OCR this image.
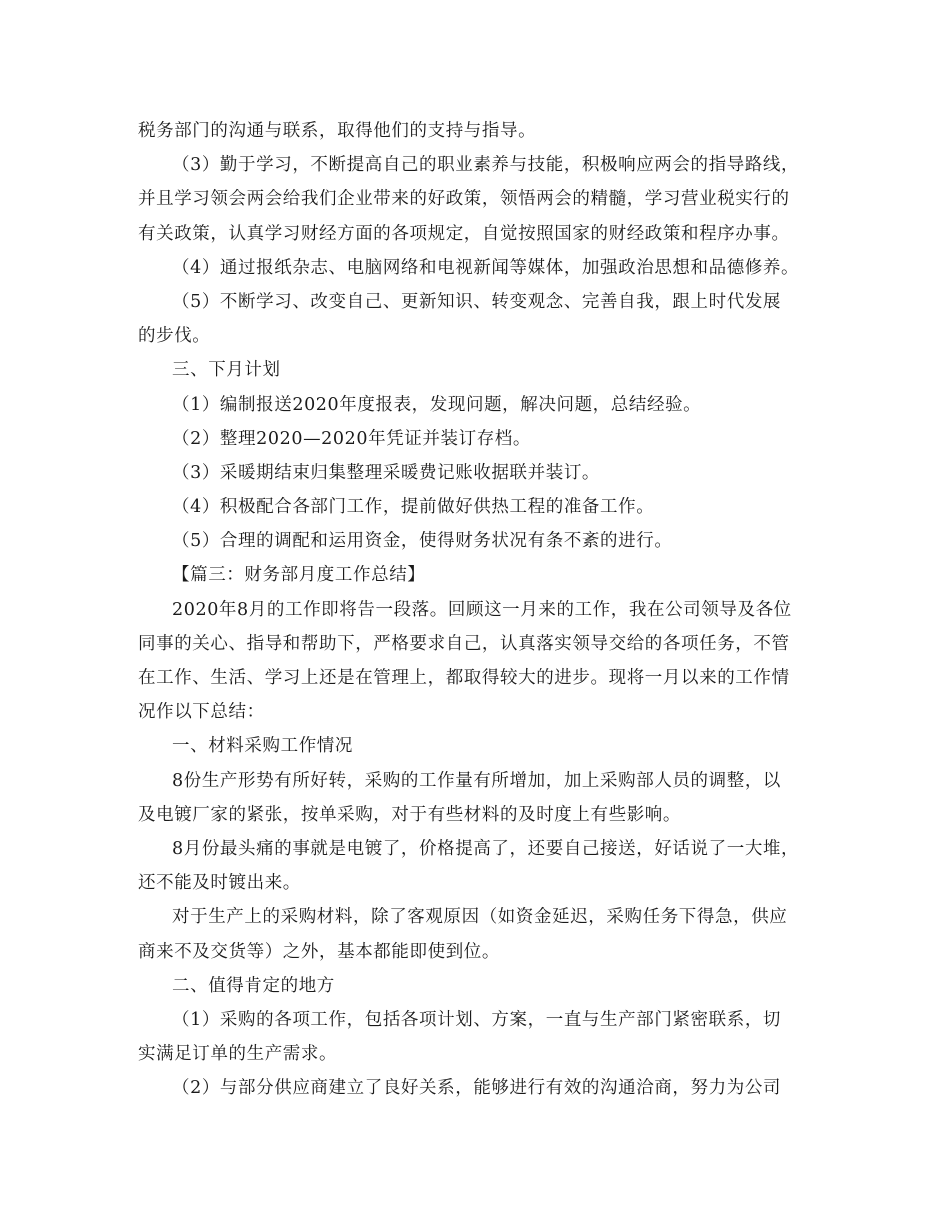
税务部门的沟通与联系，取得他们的支持与指导。
（3）勤于学习，不断提高自己的职业素养与技能，积极响应两会的指导路线，
并且学习领会两会给我们企业带来的好政策，领悟两会的精髓，学习营业税实行的
有关政策，认真学习财经方面的各项规定，自觉按照国家的财经政策和程序办事。
（4）通过报纸杂志、电脑网络和电视新闻等媒体，加强政治思想和品德修养。
（5）不断学习、改变自己、更新知识、转变观念、完善自我，跟上时代发展
的步伐。
三、下月计划
（1）编制报送2020年度报表，发现问题，解决问题，总结经验。
（2）整理2020—2020年凭证并装订存档。
（3）采暖期结束归集整理采暖费记账收据联并装订。
（4）积极配合各部门工作，提前做好供热工程的准备工作。
（5）合理的调配和运用资金，使得财务状况有条不紊的进行。
【篇三：财务部月度工作总结】
2020年8月的工作即将告一段落。回顾这一月来的工作，我在公司领导及各位
同事的关心、指导和帮助下，严格要求自己，认真落实领导交给的各项任务，不管
在工作、生活、学习上还是在管理上，都取得较大的进步。现将一月以来的工作情
况作以下总结：
一、材料采购工作情况
8份生产形势有所好转，采购的工作量有所增加，加上采购部人员的调整，以
及电镀厂家的紧张，按单采购，对于有些材料的及时度上有些影响。
8月份最头痛的事就是电镀了，价格提高了，还要自己接送，好话说了一大堆，
还不能及时镀出来。
对于生产上的采购材料，除了客观原因（如资金延迟，采购任务下得急，供应
商来不及交货等）之外，基本都能即使到位。
二、值得肯定的地方
（1）采购的各项工作，包括各项计划、方案，一直与生产部门紧密联系，切
实满足订单的生产需求。
（2）与部分供应商建立了良好关系，能够进行有效的沟通洽商，努力为公司
